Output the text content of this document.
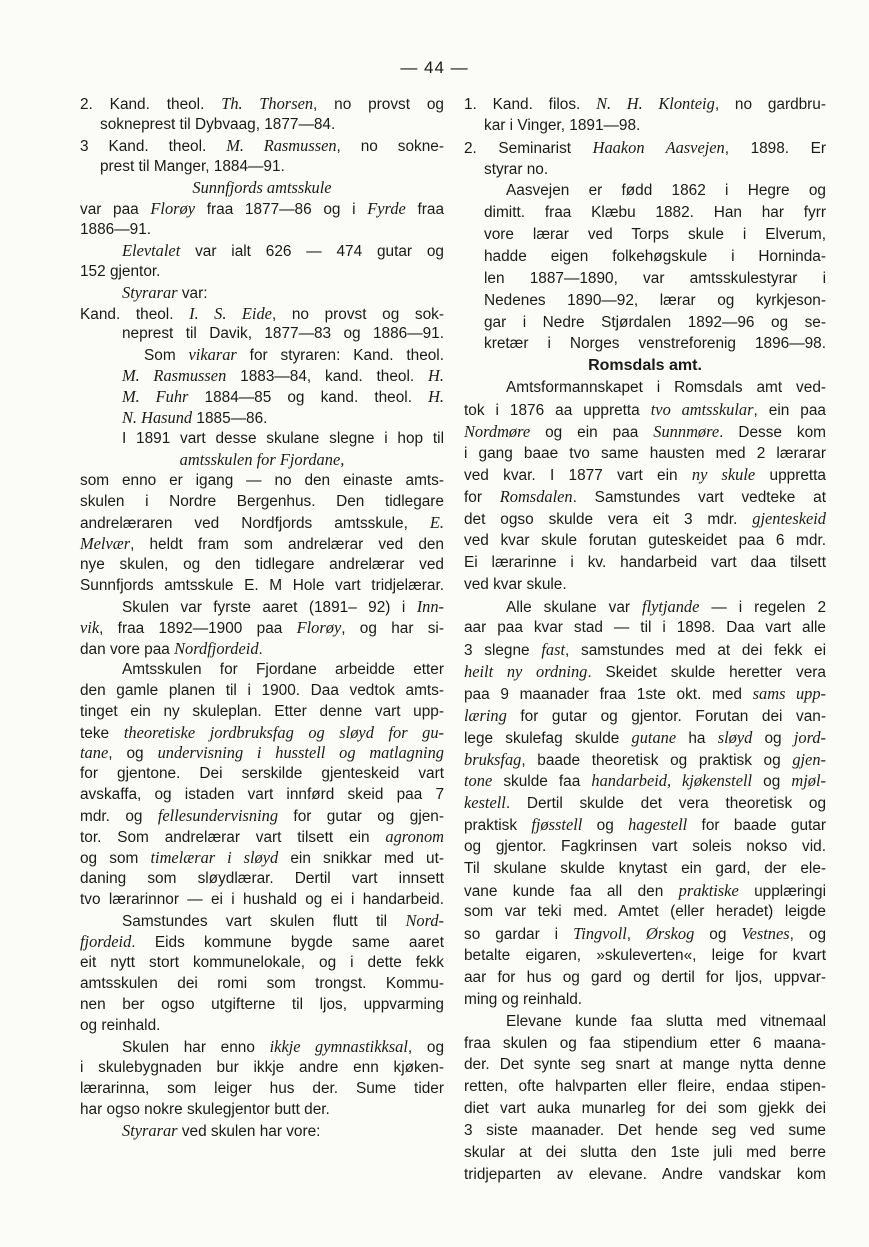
— 44 —
2. Kand. theol. Th. Thorsen, no provst og
sokneprest til Dybvaag, 1877—84.
3 Kand. theol. M. Rasmussen, no sokne-
prest til Manger, 1884—91.
Sunnfjords amtsskule
var paa Florøy fraa 1877—86 og i Fyrde fraa
1886—91.
Elevtalet var ialt 626 — 474 gutar og
152 gjentor.
Styrarar var:
Kand. theol. I. S. Eide, no provst og sok-
neprest til Davik, 1877—83 og 1886—91.
Som vikarar for styraren: Kand. theol.
M. Rasmussen 1883—84, kand. theol. H.
M. Fuhr 1884—85 og kand. theol. H.
N. Hasund 1885—86.
I 1891 vart desse skulane slegne i hop til
amtsskulen for Fjordane,
som enno er igang — no den einaste amts-
skulen i Nordre Bergenhus. Den tidlegare
andrelæraren ved Nordfjords amtsskule, E.
Melvær, heldt fram som andrelærar ved den
nye skulen, og den tidlegare andrelærar ved
Sunnfjords amtsskule E. M Hole vart tridjelærar.
Skulen var fyrste aaret (1891– 92) i Inn-
vik, fraa 1892—1900 paa Florøy, og har si-
dan vore paa Nordfjordeid.
Amtsskulen for Fjordane arbeidde etter
den gamle planen til i 1900. Daa vedtok amts-
tinget ein ny skuleplan. Etter denne vart upp-
teke theoretiske jordbruksfag og sløyd for gu-
tane, og undervisning i husstell og matlagning
for gjentone. Dei serskilde gjenteskeid vart
avskaffa, og istaden vart innførd skeid paa 7
mdr. og fellesundervisning for gutar og gjen-
tor. Som andrelærar vart tilsett ein agronom
og som timelærar i sløyd ein snikkar med ut-
daning som sløydlærar. Dertil vart innsett
tvo lærarinnor — ei i hushald og ei i handarbeid.
Samstundes vart skulen flutt til Nord-
fjordeid. Eids kommune bygde same aaret
eit nytt stort kommunelokale, og i dette fekk
amtsskulen dei romi som trongst. Kommu-
nen ber ogso utgifterne til ljos, uppvarming
og reinhald.
Skulen har enno ikkje gymnastikksal, og
i skulebygnaden bur ikkje andre enn kjøken-
lærarinna, som leiger hus der. Sume tider
har ogso nokre skulegjentor butt der.
Styrarar ved skulen har vore:
1. Kand. filos. N. H. Klonteig, no gardbru-
kar i Vinger, 1891—98.
2. Seminarist Haakon Aasvejen, 1898. Er
styrar no.
Aasvejen er fødd 1862 i Hegre og
dimitt. fraa Klæbu 1882. Han har fyrr
vore lærar ved Torps skule i Elverum,
hadde eigen folkehøgskule i Horninda-
len 1887—1890, var amtsskulestyrar i
Nedenes 1890—92, lærar og kyrkjeson-
gar i Nedre Stjørdalen 1892—96 og se-
kretær i Norges venstreforenig 1896—98.
Romsdals amt.
Amtsformannskapet i Romsdals amt ved-
tok i 1876 aa uppretta tvo amtsskular, ein paa
Nordmøre og ein paa Sunnmøre. Desse kom
i gang baae tvo same hausten med 2 lærarar
ved kvar. I 1877 vart ein ny skule uppretta
for Romsdalen. Samstundes vart vedteke at
det ogso skulde vera eit 3 mdr. gjenteskeid
ved kvar skule forutan guteskeidet paa 6 mdr.
Ei lærarinne i kv. handarbeid vart daa tilsett
ved kvar skule.
Alle skulane var flytjande — i regelen 2
aar paa kvar stad — til i 1898. Daa vart alle
3 slegne fast, samstundes med at dei fekk ei
heilt ny ordning. Skeidet skulde heretter vera
paa 9 maanader fraa 1ste okt. med sams upp-
læring for gutar og gjentor. Forutan dei van-
lege skulefag skulde gutane ha sløyd og jord-
bruksfag, baade theoretisk og praktisk og gjen-
tone skulde faa handarbeid, kjøkenstell og mjøl-
kestell. Dertil skulde det vera theoretisk og
praktisk fjøsstell og hagestell for baade gutar
og gjentor. Fagkrinsen vart soleis nokso vid.
Til skulane skulde knytast ein gard, der ele-
vane kunde faa all den praktiske upplæringi
som var teki med. Amtet (eller heradet) leigde
so gardar i Tingvoll, Ørskog og Vestnes, og
betalte eigaren, »skuleverten«, leige for kvart
aar for hus og gard og dertil for ljos, uppvar-
ming og reinhald.
Elevane kunde faa slutta med vitnemaal
fraa skulen og faa stipendium etter 6 maana-
der. Det synte seg snart at mange nytta denne
retten, ofte halvparten eller fleire, endaa stipen-
diet vart auka munarleg for dei som gjekk dei
3 siste maanader. Det hende seg ved sume
skular at dei slutta den 1ste juli med berre
tridjeparten av elevane. Andre vandskar kom
